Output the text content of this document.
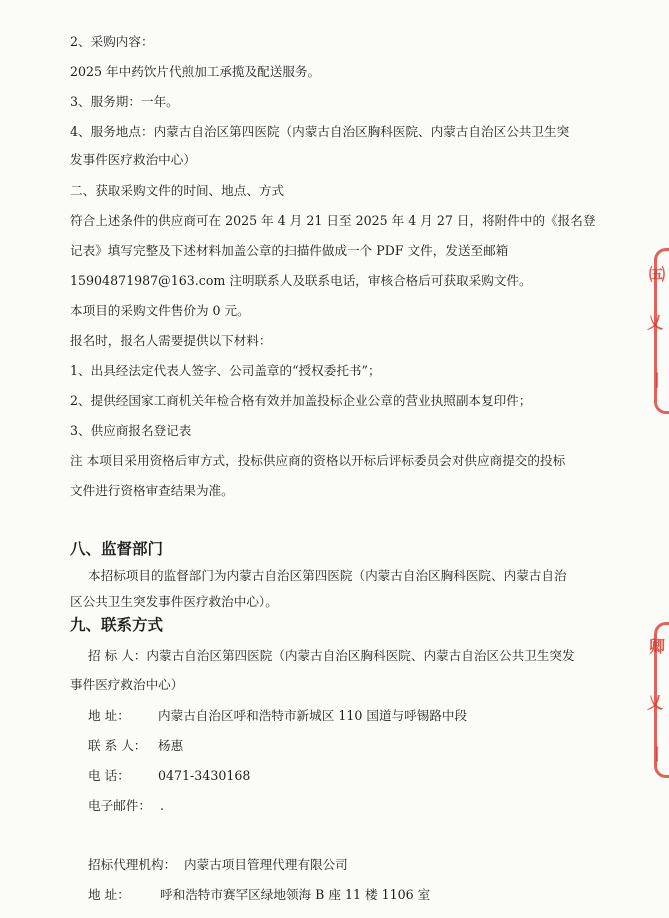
2、采购内容：
2025 年中药饮片代煎加工承揽及配送服务。
3、服务期：一年。
4、服务地点：内蒙古自治区第四医院（内蒙古自治区胸科医院、内蒙古自治区公共卫生突
发事件医疗救治中心）
二、获取采购文件的时间、地点、方式
符合上述条件的供应商可在 2025 年 4 月 21 日至 2025 年 4 月 27 日，将附件中的《报名登
记表》填写完整及下述材料加盖公章的扫描件做成一个 PDF 文件，发送至邮箱
15904871987@163.com 注明联系人及联系电话，审核合格后可获取采购文件。
本项目的采购文件售价为 0 元。
报名时，报名人需要提供以下材料：
1、出具经法定代表人签字、公司盖章的“授权委托书”；
2、提供经国家工商机关年检合格有效并加盖投标企业公章的营业执照副本复印件；
3、供应商报名登记表
注 本项目采用资格后审方式，投标供应商的资格以开标后评标委员会对供应商提交的投标
文件进行资格审查结果为准。
八、监督部门
本招标项目的监督部门为内蒙古自治区第四医院（内蒙古自治区胸科医院、内蒙古自治
区公共卫生突发事件医疗救治中心）。
九、联系方式
招 标 人：内蒙古自治区第四医院（内蒙古自治区胸科医院、内蒙古自治区公共卫生突发
事件医疗救治中心）
地 址： 内蒙古自治区呼和浩特市新城区 110 国道与呼锡路中段
联 系 人： 杨惠
电 话： 0471-3430168
电子邮件： .
招标代理机构： 内蒙古项目管理代理有限公司
地 址： 呼和浩特市赛罕区绿地领海 B 座 11 楼 1106 室
㈤
乂
丨
卿
乂
丨
